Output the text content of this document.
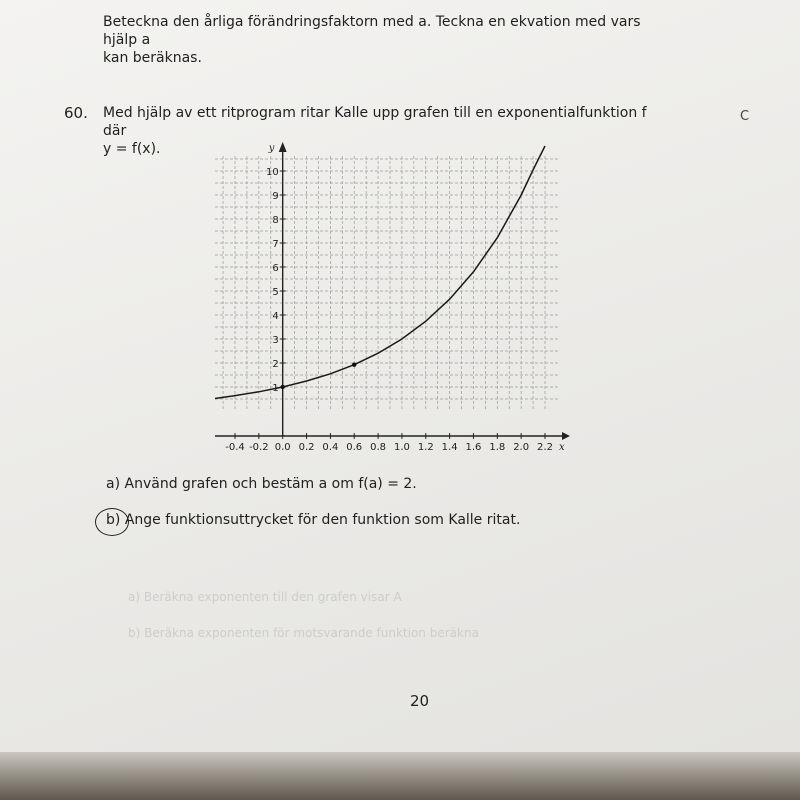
Beteckna den årliga förändringsfaktorn med a. Teckna en ekvation med vars hjälp a
kan beräknas.
60. Med hjälp av ett ritprogram ritar Kalle upp grafen till en exponentialfunktion f där
y = f(x).
C
-0,4 -0,2 0,0 0,2 0,4 0,6 0,8 1,0 1,2 1,4 1,6 1,8 2,0 2,2 x
1
2
3
4
5
6
7
8
9
10
y
a) Använd grafen och bestäm a om f(a) = 2.
b) Ange funktionsuttrycket för den funktion som Kalle ritat.
a) Beräkna exponenten till den grafen visar A
b) Beräkna exponenten för motsvarande funktion beräkna
20
